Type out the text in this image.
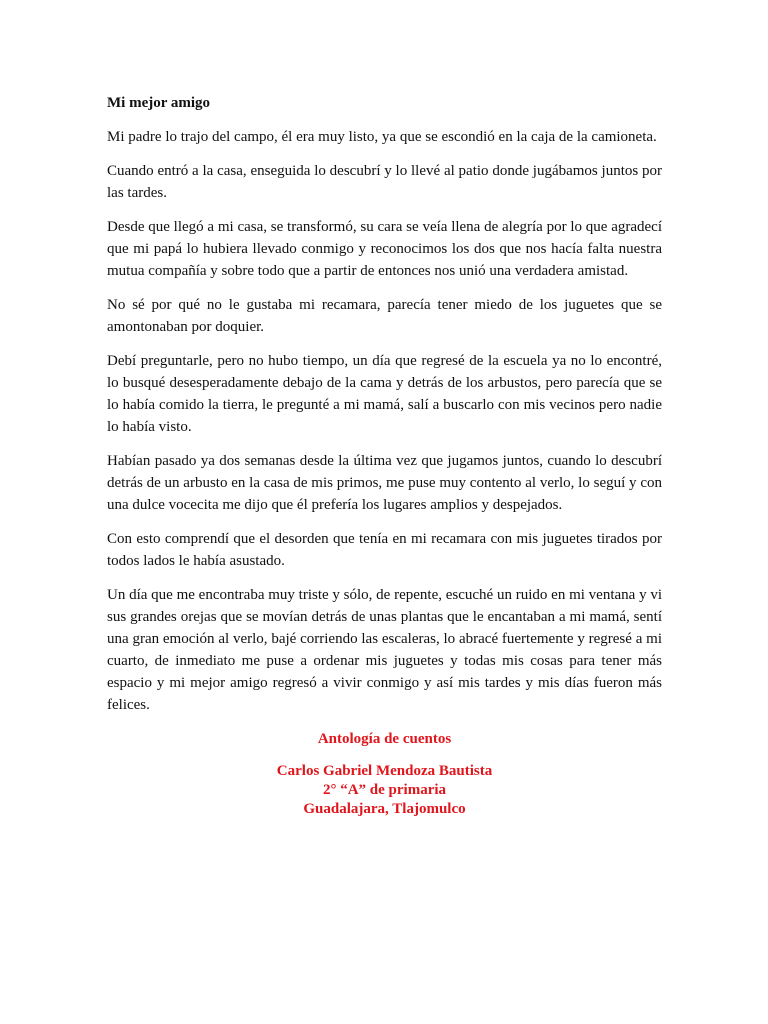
Mi mejor amigo

Mi padre lo trajo del campo, él era muy listo, ya que se escondió en la caja de la camioneta.

Cuando entró a la casa, enseguida lo descubrí y lo llevé al patio donde jugábamos juntos por las tardes.

Desde que llegó a mi casa, se transformó, su cara se veía llena de alegría por lo que agradecí que mi papá lo hubiera llevado conmigo y reconocimos los dos que nos hacía falta nuestra mutua compañía y sobre todo que a partir de entonces nos unió una verdadera amistad.

No sé por qué no le gustaba mi recamara, parecía tener miedo de los juguetes que se amontonaban por doquier.

Debí preguntarle, pero no hubo tiempo, un día que regresé de la escuela ya no lo encontré, lo busqué desesperadamente debajo de la cama y detrás de los arbustos, pero parecía que se lo había comido la tierra, le pregunté a mi mamá, salí a buscarlo con mis vecinos pero nadie lo había visto.

Habían pasado ya dos semanas desde la última vez que jugamos juntos, cuando lo descubrí detrás de un arbusto en la casa de mis primos, me puse muy contento al verlo, lo seguí y con una dulce vocecita me dijo que él prefería los lugares amplios y despejados.

Con esto comprendí que el desorden que tenía en mi recamara con mis juguetes tirados por todos lados le había asustado.

Un día que me encontraba muy triste y sólo, de repente, escuché un ruido en mi ventana y vi sus grandes orejas que se movían detrás de unas plantas que le encantaban a mi mamá, sentí una gran emoción al verlo, bajé corriendo las escaleras, lo abracé fuertemente y regresé a mi cuarto, de inmediato me puse a ordenar mis juguetes y todas mis cosas para tener más espacio y mi mejor amigo regresó a vivir conmigo y así mis tardes y mis días fueron más felices.

Antología de cuentos

Carlos Gabriel Mendoza Bautista

2° “A” de primaria

Guadalajara, Tlajomulco
